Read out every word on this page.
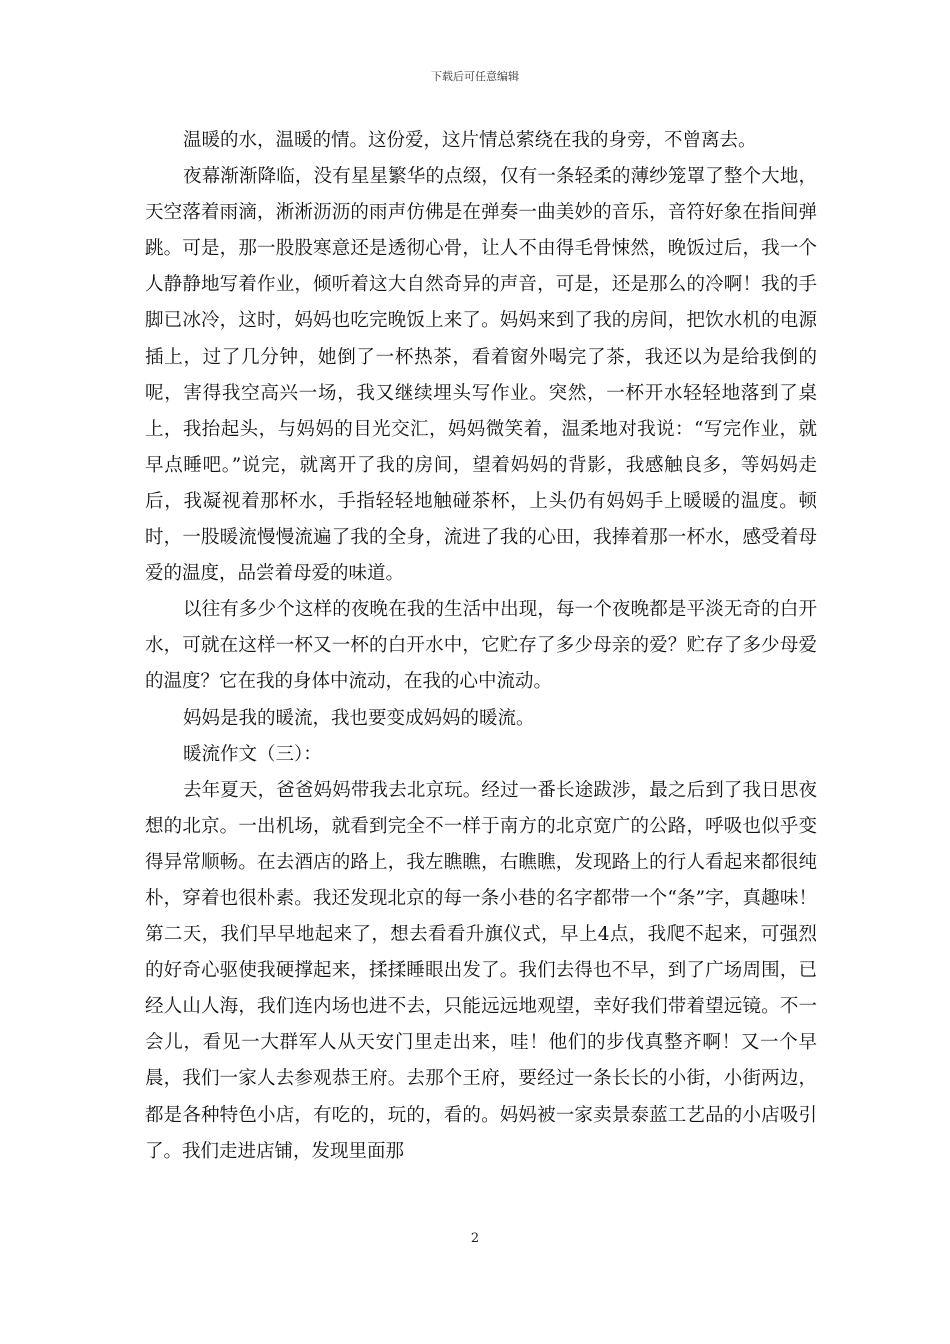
下载后可任意编辑

温暖的水，温暖的情。这份爱，这片情总萦绕在我的身旁，不曾离去。

夜幕渐渐降临，没有星星繁华的点缀，仅有一条轻柔的薄纱笼罩了整个大地，天空落着雨滴，淅淅沥沥的雨声仿佛是在弹奏一曲美妙的音乐，音符好象在指间弹跳。可是，那一股股寒意还是透彻心骨，让人不由得毛骨悚然，晚饭过后，我一个人静静地写着作业，倾听着这大自然奇异的声音，可是，还是那么的冷啊！我的手脚已冰冷，这时，妈妈也吃完晚饭上来了。妈妈来到了我的房间，把饮水机的电源插上，过了几分钟，她倒了一杯热茶，看着窗外喝完了茶，我还以为是给我倒的呢，害得我空高兴一场，我又继续埋头写作业。突然，一杯开水轻轻地落到了桌上，我抬起头，与妈妈的目光交汇，妈妈微笑着，温柔地对我说：“写完作业，就早点睡吧。”说完，就离开了我的房间，望着妈妈的背影，我感触良多，等妈妈走后，我凝视着那杯水，手指轻轻地触碰茶杯，上头仍有妈妈手上暖暖的温度。顿时，一股暖流慢慢流遍了我的全身，流进了我的心田，我捧着那一杯水，感受着母爱的温度，品尝着母爱的味道。

以往有多少个这样的夜晚在我的生活中出现，每一个夜晚都是平淡无奇的白开水，可就在这样一杯又一杯的白开水中，它贮存了多少母亲的爱？贮存了多少母爱的温度？它在我的身体中流动，在我的心中流动。

妈妈是我的暖流，我也要变成妈妈的暖流。

暖流作文（三）：

去年夏天，爸爸妈妈带我去北京玩。经过一番长途跋涉，最之后到了我日思夜想的北京。一出机场，就看到完全不一样于南方的北京宽广的公路，呼吸也似乎变得异常顺畅。在去酒店的路上，我左瞧瞧，右瞧瞧，发现路上的行人看起来都很纯朴，穿着也很朴素。我还发现北京的每一条小巷的名字都带一个“条”字，真趣味！第二天，我们早早地起来了，想去看看升旗仪式，早上4点，我爬不起来，可强烈的好奇心驱使我硬撑起来，揉揉睡眼出发了。我们去得也不早，到了广场周围，已经人山人海，我们连内场也进不去，只能远远地观望，幸好我们带着望远镜。不一会儿，看见一大群军人从天安门里走出来，哇！他们的步伐真整齐啊！又一个早晨，我们一家人去参观恭王府。去那个王府，要经过一条长长的小街，小街两边，都是各种特色小店，有吃的，玩的，看的。妈妈被一家卖景泰蓝工艺品的小店吸引了。我们走进店铺，发现里面那

2
